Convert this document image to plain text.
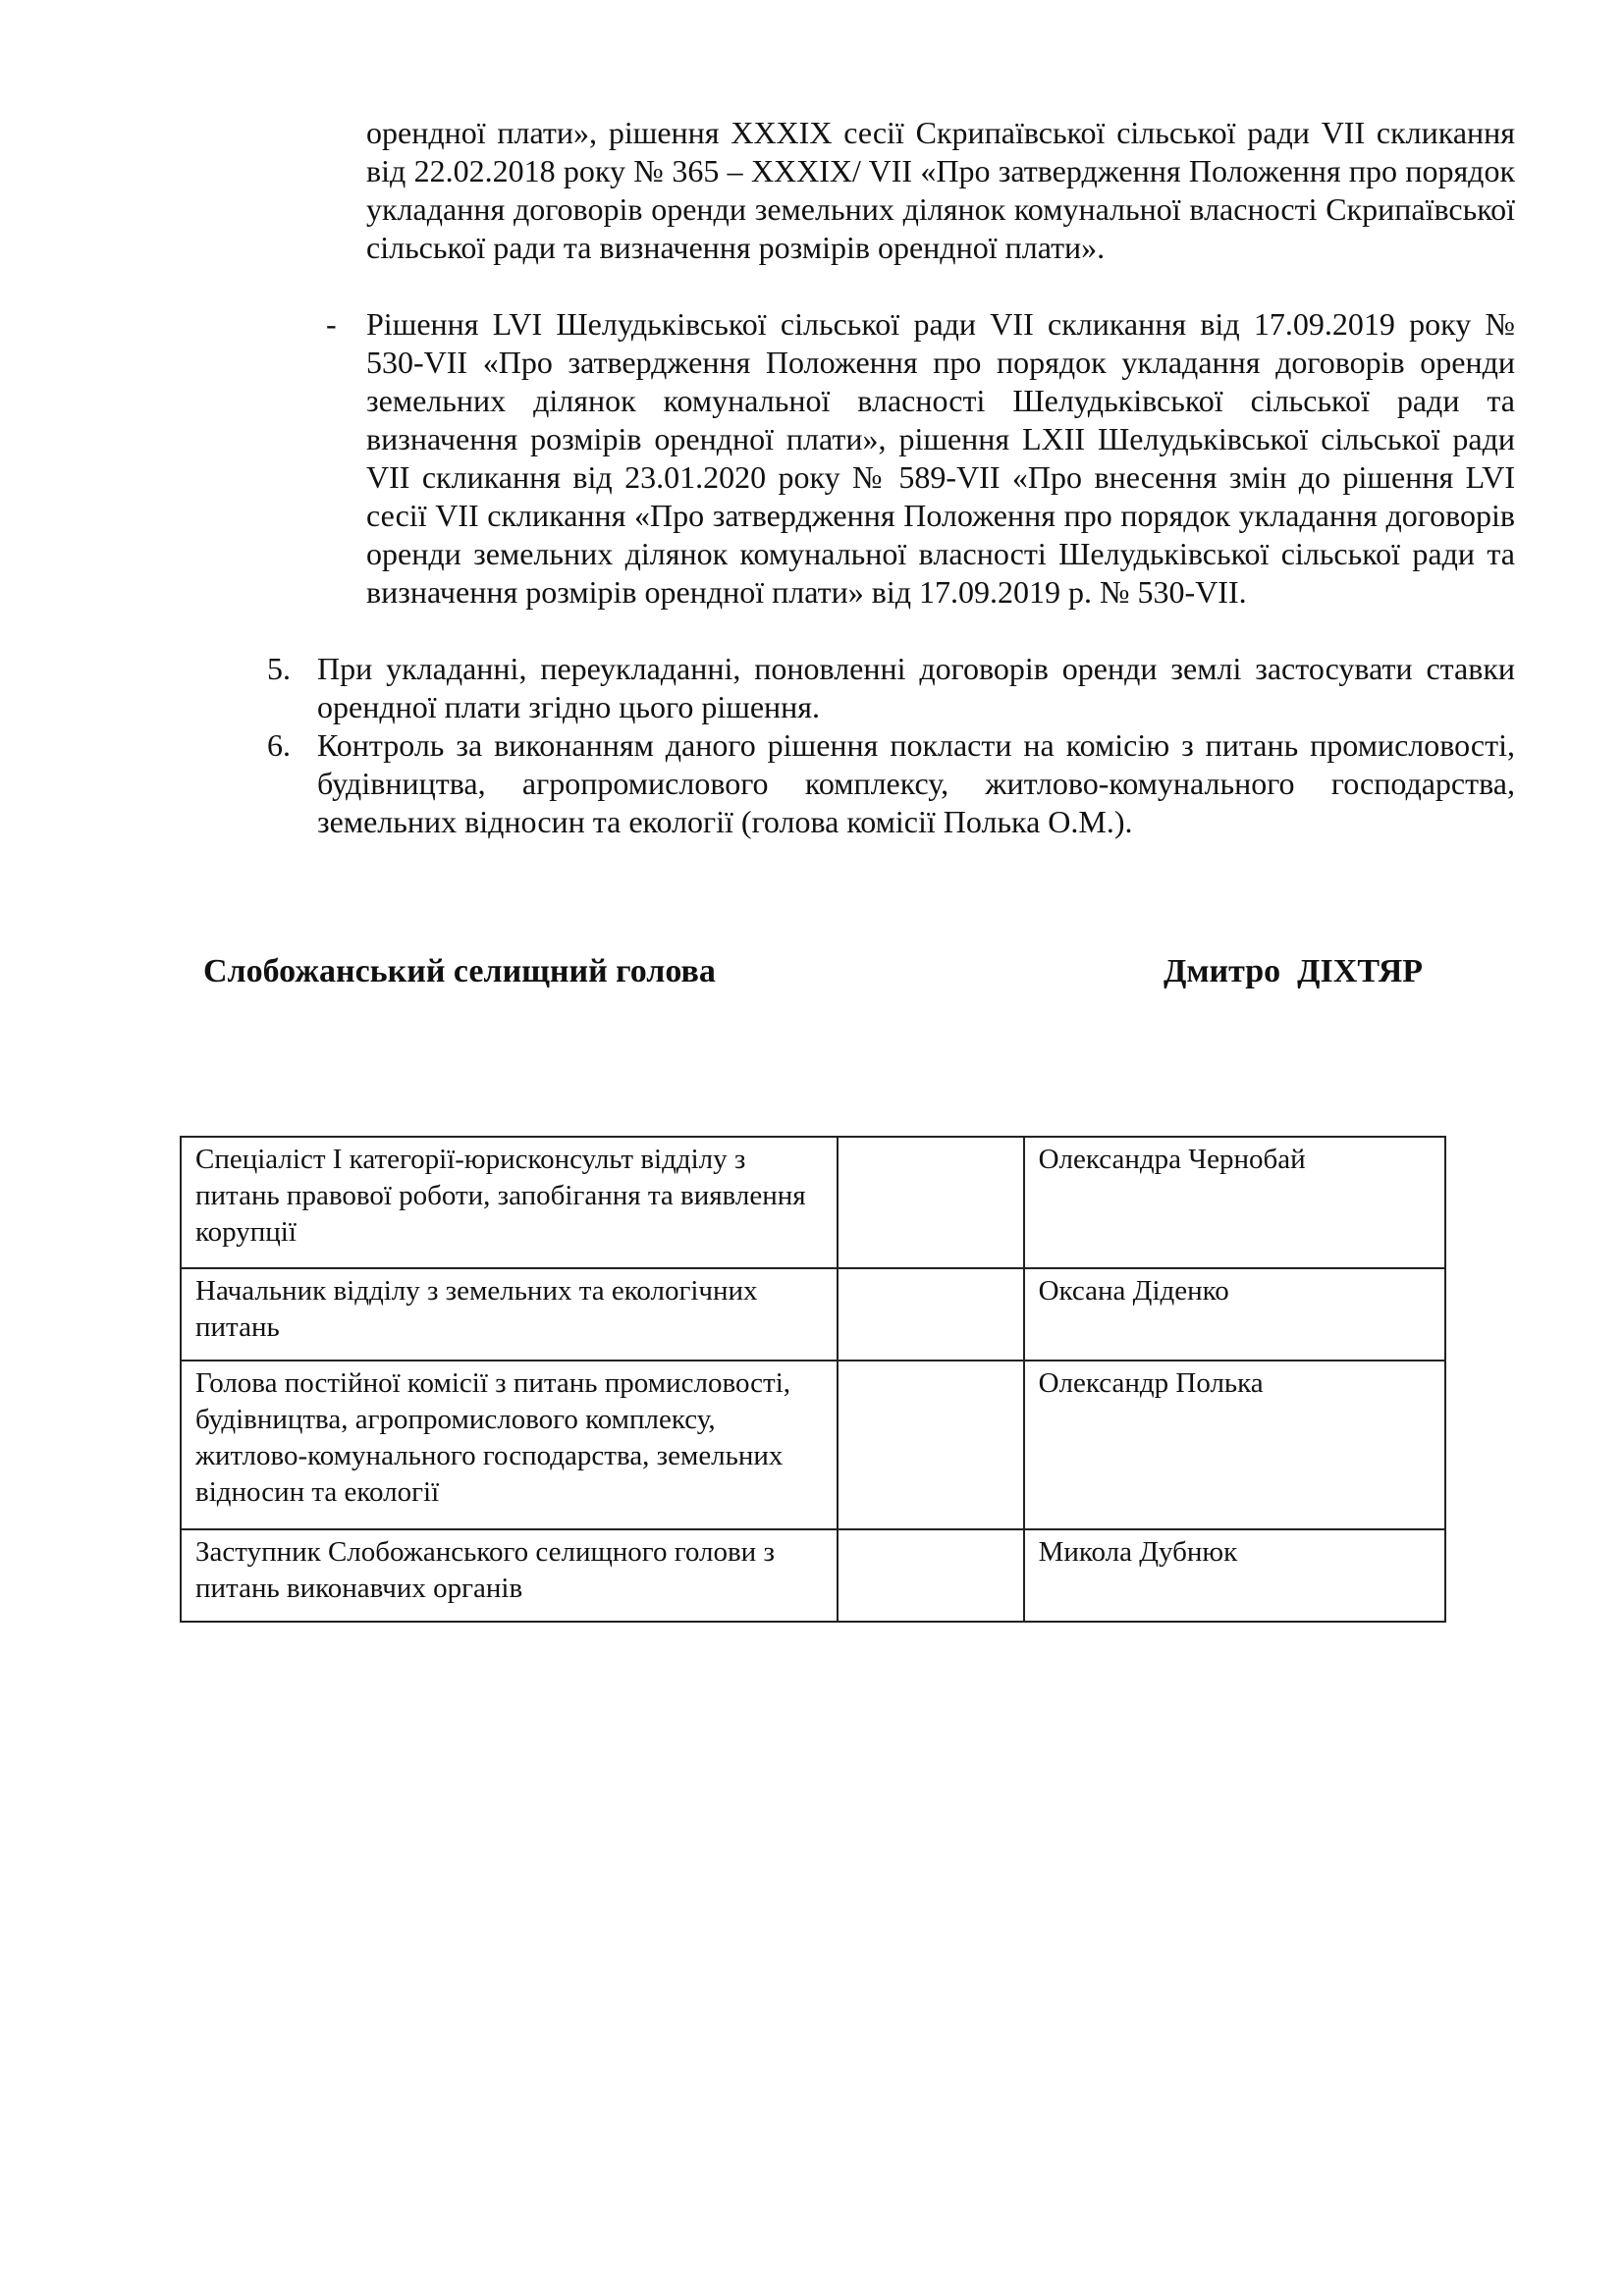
орендної плати», рішення XXXIX сесії Скрипаївської сільської ради VII скликання від 22.02.2018 року № 365 – XXXIX/ VII «Про затвердження Положення про порядок укладання договорів оренди земельних ділянок комунальної власності Скрипаївської сільської ради та визначення розмірів орендної плати».
- Рішення LVI Шелудьківської сільської ради VII скликання від 17.09.2019 року № 530-VII «Про затвердження Положення про порядок укладання договорів оренди земельних ділянок комунальної власності Шелудьківської сільської ради та визначення розмірів орендної плати», рішення LXII Шелудьківської сільської ради VII скликання від 23.01.2020 року № 589-VII «Про внесення змін до рішення LVI сесії VII скликання «Про затвердження Положення про порядок укладання договорів оренди земельних ділянок комунальної власності Шелудьківської сільської ради та визначення розмірів орендної плати» від 17.09.2019 р. № 530-VII.
5. При укладанні, переукладанні, поновленні договорів оренди землі застосувати ставки орендної плати згідно цього рішення.
6. Контроль за виконанням даного рішення покласти на комісію з питань промисловості, будівництва, агропромислового комплексу, житлово-комунального господарства, земельних відносин та екології (голова комісії Полька О.М.).
Слобожанський селищний голова	Дмитро  ДІХТЯР
Спеціаліст І категорії-юрисконсульт відділу з питань правової роботи, запобігання та виявлення корупції		Олександра Чернобай
Начальник відділу з земельних та екологічних питань		Оксана Діденко
Голова постійної комісії з питань промисловості, будівництва, агропромислового комплексу, житлово-комунального господарства, земельних відносин та екології		Олександр Полька
Заступник Слобожанського селищного голови з питань виконавчих органів		Микола Дубнюк
